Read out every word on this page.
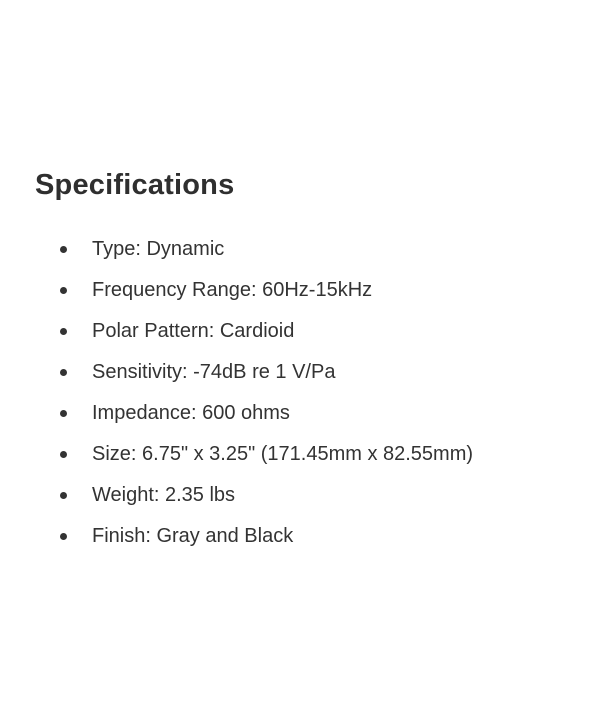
Specifications
Type: Dynamic
Frequency Range: 60Hz-15kHz
Polar Pattern: Cardioid
Sensitivity: -74dB re 1 V/Pa
Impedance: 600 ohms
Size: 6.75" x 3.25" (171.45mm x 82.55mm)
Weight: 2.35 lbs
Finish: Gray and Black
